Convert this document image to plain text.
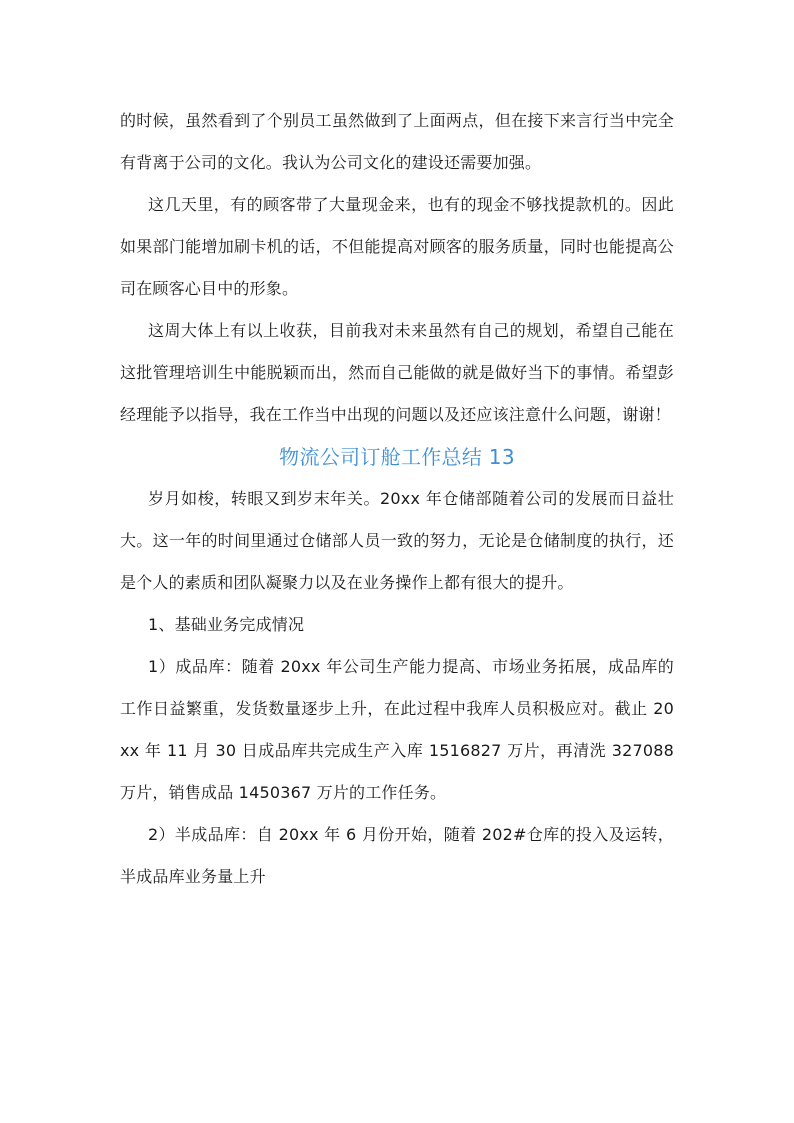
的时候，虽然看到了个别员工虽然做到了上面两点，但在接下来言行当中完全有背离于公司的文化。我认为公司文化的建设还需要加强。

这几天里，有的顾客带了大量现金来，也有的现金不够找提款机的。因此如果部门能增加刷卡机的话，不但能提高对顾客的服务质量，同时也能提高公司在顾客心目中的形象。

这周大体上有以上收获，目前我对未来虽然有自己的规划，希望自己能在这批管理培训生中能脱颖而出，然而自己能做的就是做好当下的事情。希望彭经理能予以指导，我在工作当中出现的问题以及还应该注意什么问题，谢谢！

物流公司订舱工作总结 13

岁月如梭，转眼又到岁末年关。20xx 年仓储部随着公司的发展而日益壮大。这一年的时间里通过仓储部人员一致的努力，无论是仓储制度的执行，还是个人的素质和团队凝聚力以及在业务操作上都有很大的提升。

1、基础业务完成情况

1）成品库：随着 20xx 年公司生产能力提高、市场业务拓展，成品库的工作日益繁重，发货数量逐步上升，在此过程中我库人员积极应对。截止 20xx 年 11 月 30 日成品库共完成生产入库 1516827 万片，再清洗 327088 万片，销售成品 1450367 万片的工作任务。

2）半成品库：自 20xx 年 6 月份开始，随着 202#仓库的投入及运转，半成品库业务量上升
